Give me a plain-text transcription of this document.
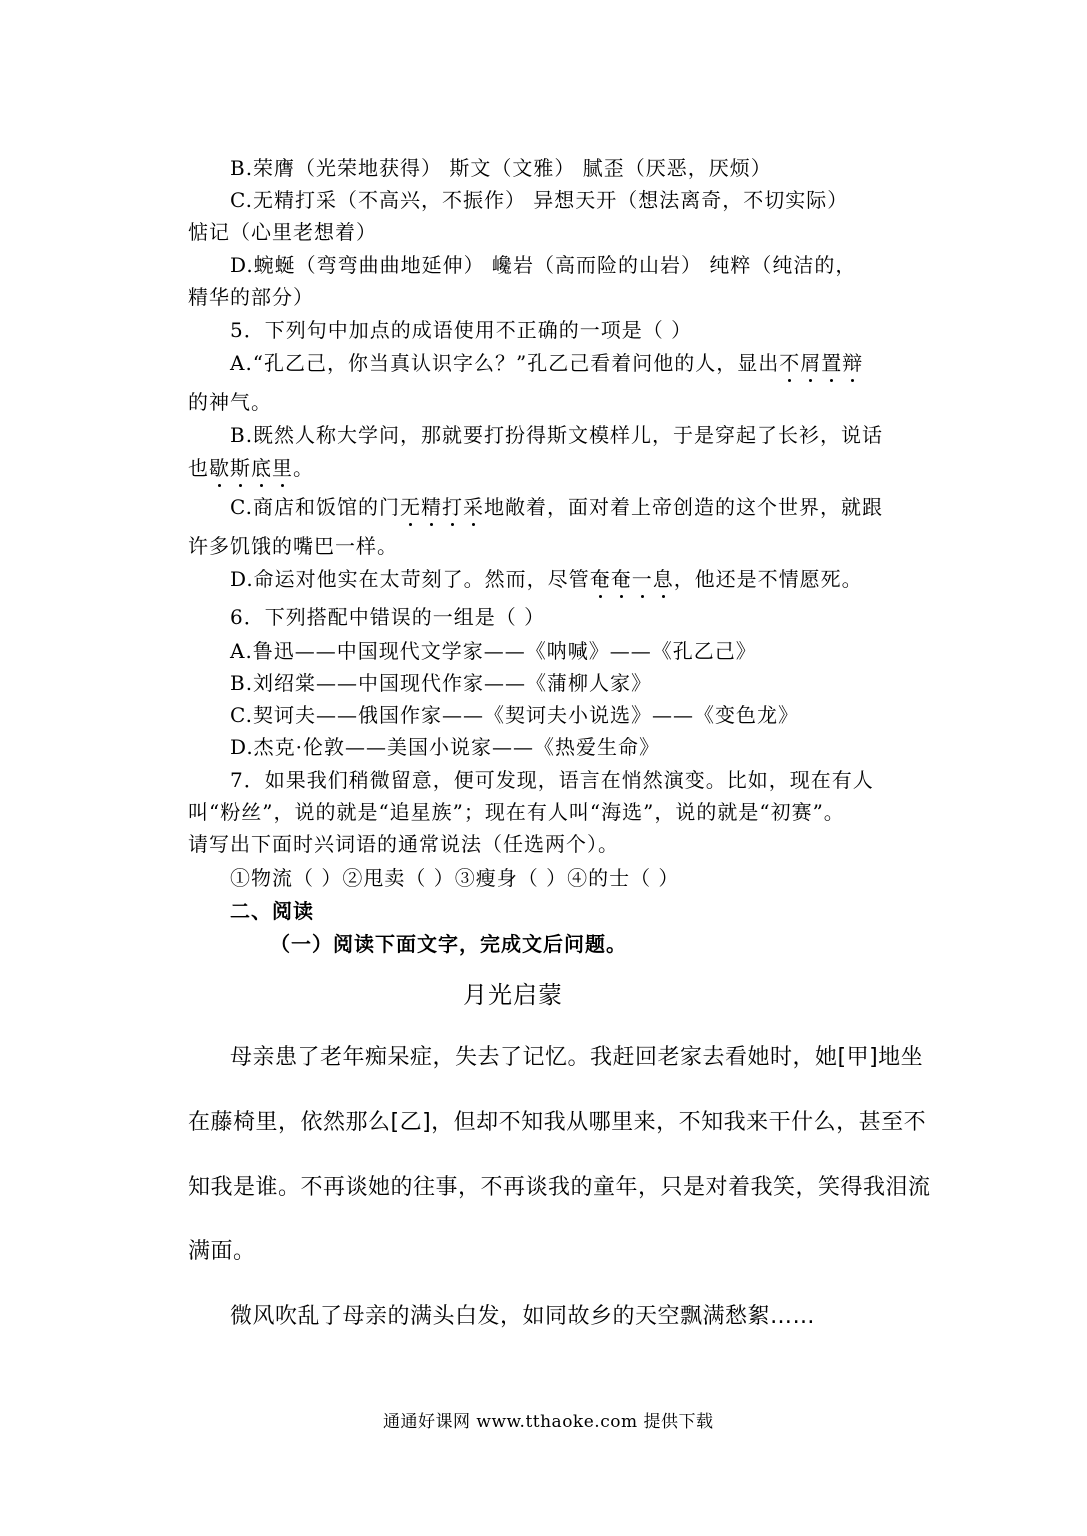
B.荣膺（光荣地获得） 斯文（文雅） 腻歪（厌恶，厌烦）
C.无精打采（不高兴，不振作） 异想天开（想法离奇，不切实际）
惦记（心里老想着）
D.蜿蜒（弯弯曲曲地延伸） 巉岩（高而险的山岩） 纯粹（纯洁的，
精华的部分）
5．下列句中加点的成语使用不正确的一项是（ ）
A.“孔乙己，你当真认识字么？”孔乙己看着问他的人，显出不屑置辩
的神气。
B.既然人称大学问，那就要打扮得斯文模样儿，于是穿起了长衫，说话
也歇斯底里。
C.商店和饭馆的门无精打采地敞着，面对着上帝创造的这个世界，就跟
许多饥饿的嘴巴一样。
D.命运对他实在太苛刻了。然而，尽管奄奄一息，他还是不情愿死。
6．下列搭配中错误的一组是（ ）
A.鲁迅——中国现代文学家——《呐喊》——《孔乙己》
B.刘绍棠——中国现代作家——《蒲柳人家》
C.契诃夫——俄国作家——《契诃夫小说选》——《变色龙》
D.杰克·伦敦——美国小说家——《热爱生命》
7．如果我们稍微留意，便可发现，语言在悄然演变。比如，现在有人
叫“粉丝”，说的就是“追星族”；现在有人叫“海选”，说的就是“初赛”。
请写出下面时兴词语的通常说法（任选两个）。
①物流（ ）②甩卖（ ）③瘦身（ ）④的士（ ）
二、阅读
（一）阅读下面文字，完成文后问题。
月光启蒙
母亲患了老年痴呆症，失去了记忆。我赶回老家去看她时，她[甲]地坐
在藤椅里，依然那么[乙]，但却不知我从哪里来，不知我来干什么，甚至不
知我是谁。不再谈她的往事，不再谈我的童年，只是对着我笑，笑得我泪流
满面。
微风吹乱了母亲的满头白发，如同故乡的天空飘满愁絮……
通通好课网 www.tthaoke.com 提供下载
